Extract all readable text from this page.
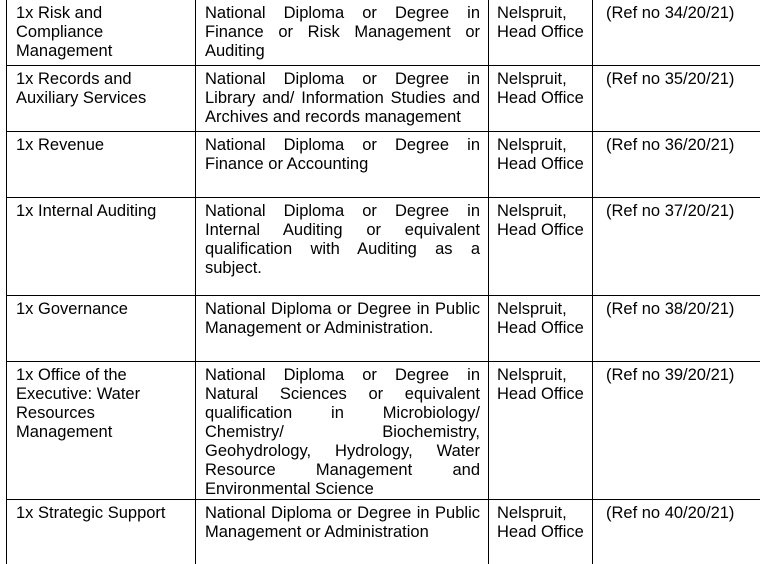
1x Risk and Compliance Management	National Diploma or Degree in Finance or Risk Management or Auditing	Nelspruit, Head Office	(Ref no 34/20/21)
1x Records and Auxiliary Services	National Diploma or Degree in Library and/ Information Studies and Archives and records management	Nelspruit, Head Office	(Ref no 35/20/21)
1x Revenue	National Diploma or Degree in Finance or Accounting	Nelspruit, Head Office	(Ref no 36/20/21)
1x Internal Auditing	National Diploma or Degree in Internal Auditing or equivalent qualification with Auditing as a subject.	Nelspruit, Head Office	(Ref no 37/20/21)
1x Governance	National Diploma or Degree in Public Management or Administration.	Nelspruit, Head Office	(Ref no 38/20/21)
1x Office of the Executive: Water Resources Management	National Diploma or Degree in Natural Sciences or equivalent qualification in Microbiology/ Chemistry/ Biochemistry, Geohydrology, Hydrology, Water Resource Management and Environmental Science	Nelspruit, Head Office	(Ref no 39/20/21)
1x Strategic Support	National Diploma or Degree in Public Management or Administration	Nelspruit, Head Office	(Ref no 40/20/21)
